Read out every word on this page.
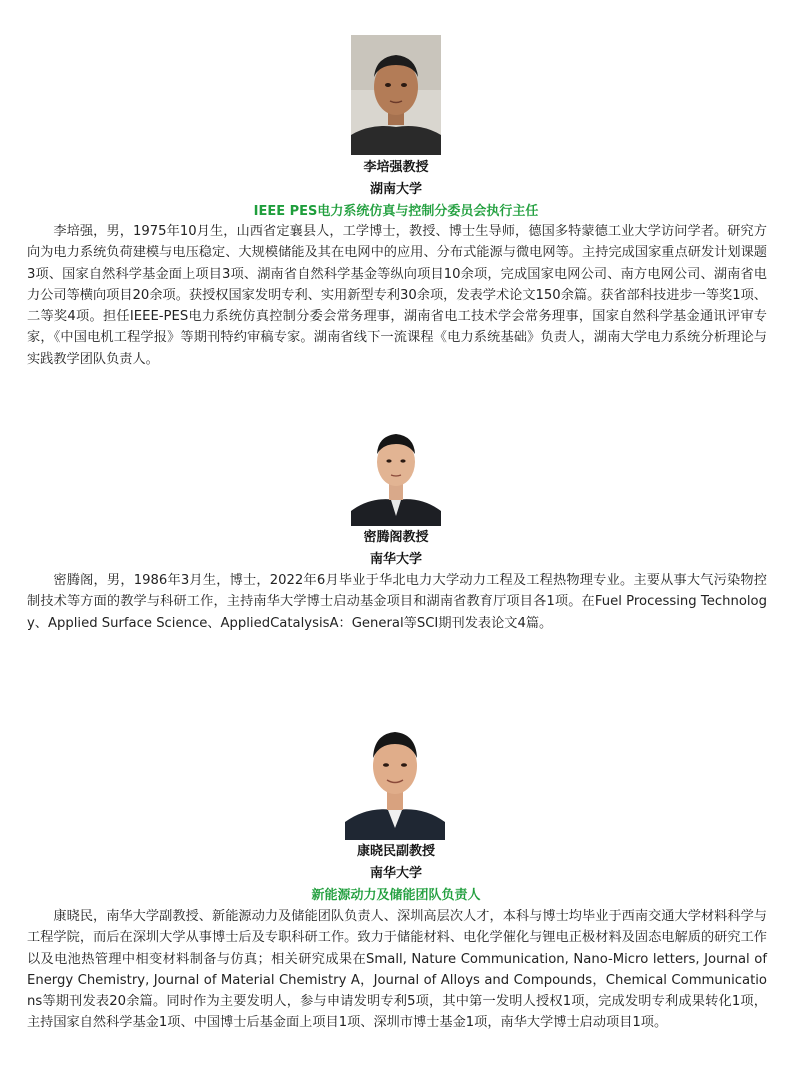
李培强教授
湖南大学
IEEE PES电力系统仿真与控制分委员会执行主任
李培强，男，1975年10月生，山西省定襄县人，工学博士，教授、博士生导师，德国多特蒙德工业大学访问学者。研究方向为电力系统负荷建模与电压稳定、大规模储能及其在电网中的应用、分布式能源与微电网等。主持完成国家重点研发计划课题3项、国家自然科学基金面上项目3项、湖南省自然科学基金等纵向项目10余项，完成国家电网公司、南方电网公司、湖南省电力公司等横向项目20余项。获授权国家发明专利、实用新型专利30余项，发表学术论文150余篇。获省部科技进步一等奖1项、二等奖4项。担任IEEE-PES电力系统仿真控制分委会常务理事，湖南省电工技术学会常务理事，国家自然科学基金通讯评审专家，《中国电机工程学报》等期刊特约审稿专家。湖南省线下一流课程《电力系统基础》负责人，湖南大学电力系统分析理论与实践教学团队负责人。
密腾阁教授
南华大学
密腾阁，男，1986年3月生，博士，2022年6月毕业于华北电力大学动力工程及工程热物理专业。主要从事大气污染物控制技术等方面的教学与科研工作，主持南华大学博士启动基金项目和湖南省教育厅项目各1项。在Fuel Processing Technology、Applied Surface Science、AppliedCatalysisA：General等SCI期刊发表论文4篇。
康晓民副教授
南华大学
新能源动力及储能团队负责人
康晓民，南华大学副教授、新能源动力及储能团队负责人、深圳高层次人才，本科与博士均毕业于西南交通大学材料科学与工程学院，而后在深圳大学从事博士后及专职科研工作。致力于储能材料、电化学催化与锂电正极材料及固态电解质的研究工作以及电池热管理中相变材料制备与仿真；相关研究成果在Small, Nature Communication, Nano-Micro letters, Journal of Energy Chemistry, Journal of Material Chemistry A，Journal of Alloys and Compounds，Chemical Communications等期刊发表20余篇。同时作为主要发明人，参与申请发明专利5项，其中第一发明人授权1项，完成发明专利成果转化1项，主持国家自然科学基金1项、中国博士后基金面上项目1项、深圳市博士基金1项，南华大学博士启动项目1项。
